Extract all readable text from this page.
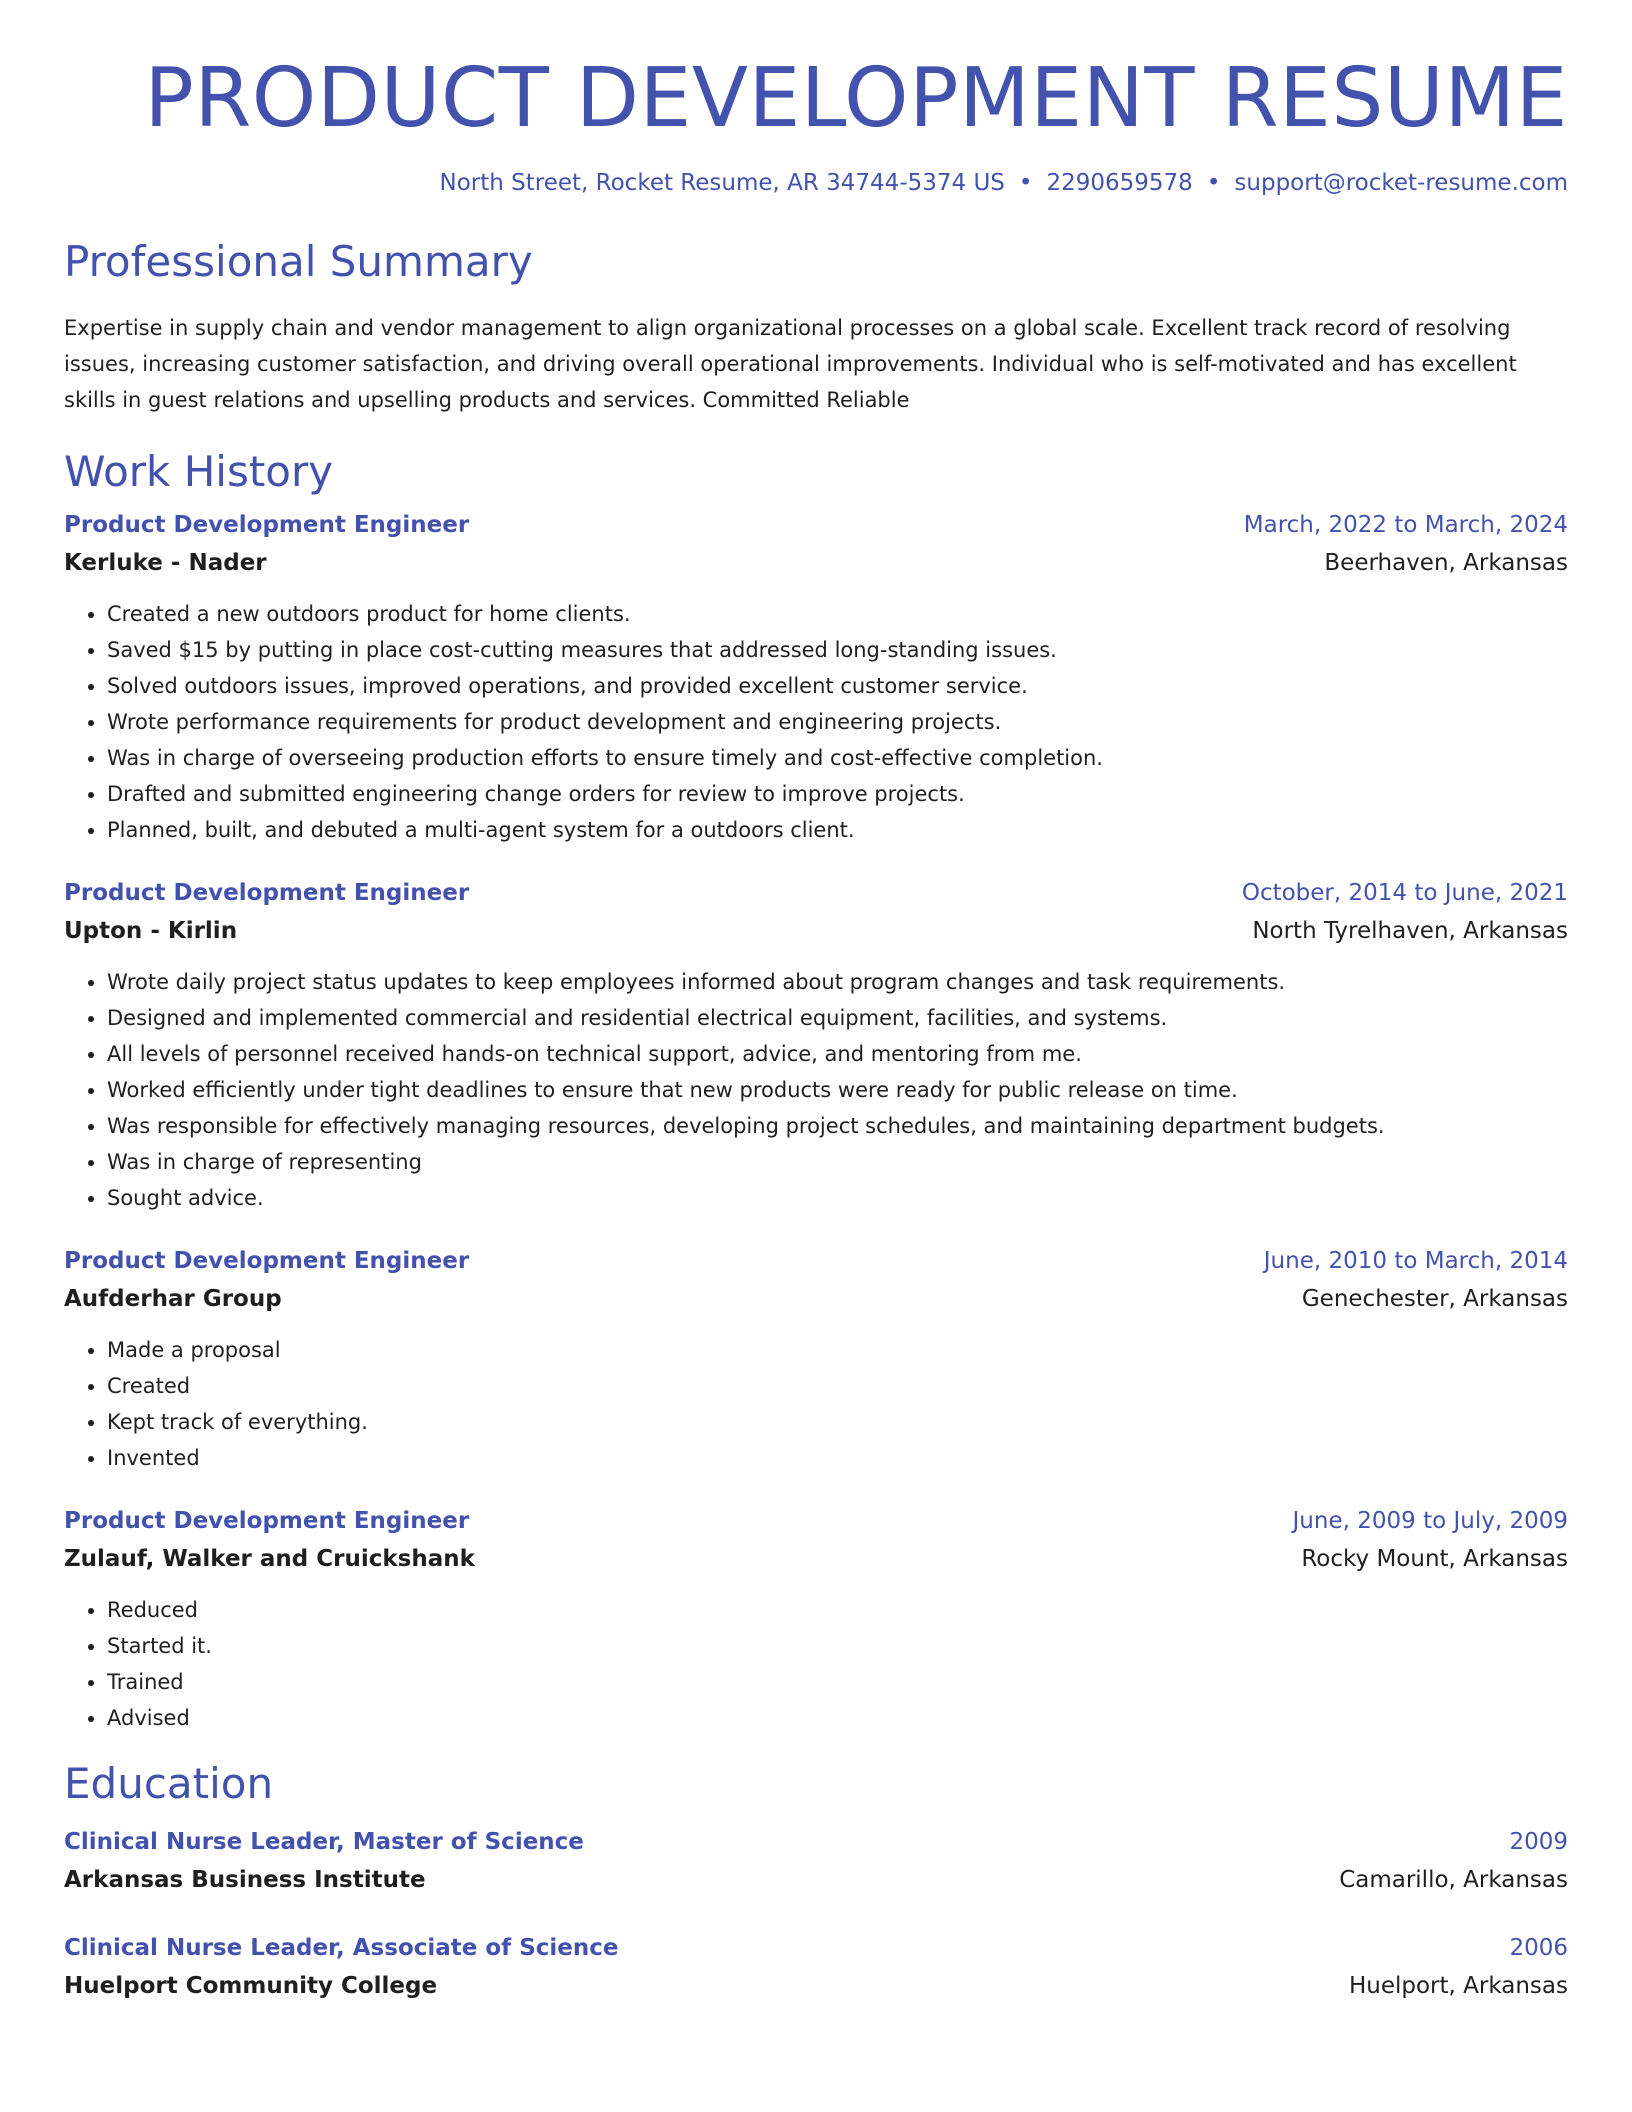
PRODUCT DEVELOPMENT RESUME
North Street, Rocket Resume, AR 34744-5374 US • 2290659578 • support@rocket-resume.com
Professional Summary

Expertise in supply chain and vendor management to align organizational processes on a global scale. Excellent track record of resolving issues, increasing customer satisfaction, and driving overall operational improvements. Individual who is self-motivated and has excellent skills in guest relations and upselling products and services. Committed Reliable

Work History
Product Development Engineer	March, 2022 to March, 2024
Kerluke - Nader	Beerhaven, Arkansas
• Created a new outdoors product for home clients.
• Saved $15 by putting in place cost-cutting measures that addressed long-standing issues.
• Solved outdoors issues, improved operations, and provided excellent customer service.
• Wrote performance requirements for product development and engineering projects.
• Was in charge of overseeing production efforts to ensure timely and cost-effective completion.
• Drafted and submitted engineering change orders for review to improve projects.
• Planned, built, and debuted a multi-agent system for a outdoors client.
Product Development Engineer	October, 2014 to June, 2021
Upton - Kirlin	North Tyrelhaven, Arkansas
• Wrote daily project status updates to keep employees informed about program changes and task requirements.
• Designed and implemented commercial and residential electrical equipment, facilities, and systems.
• All levels of personnel received hands-on technical support, advice, and mentoring from me.
• Worked efficiently under tight deadlines to ensure that new products were ready for public release on time.
• Was responsible for effectively managing resources, developing project schedules, and maintaining department budgets.
• Was in charge of representing
• Sought advice.
Product Development Engineer	June, 2010 to March, 2014
Aufderhar Group	Genechester, Arkansas
• Made a proposal
• Created
• Kept track of everything.
• Invented
Product Development Engineer	June, 2009 to July, 2009
Zulauf, Walker and Cruickshank	Rocky Mount, Arkansas
• Reduced
• Started it.
• Trained
• Advised
Education
Clinical Nurse Leader, Master of Science	2009
Arkansas Business Institute	Camarillo, Arkansas
Clinical Nurse Leader, Associate of Science	2006
Huelport Community College	Huelport, Arkansas
